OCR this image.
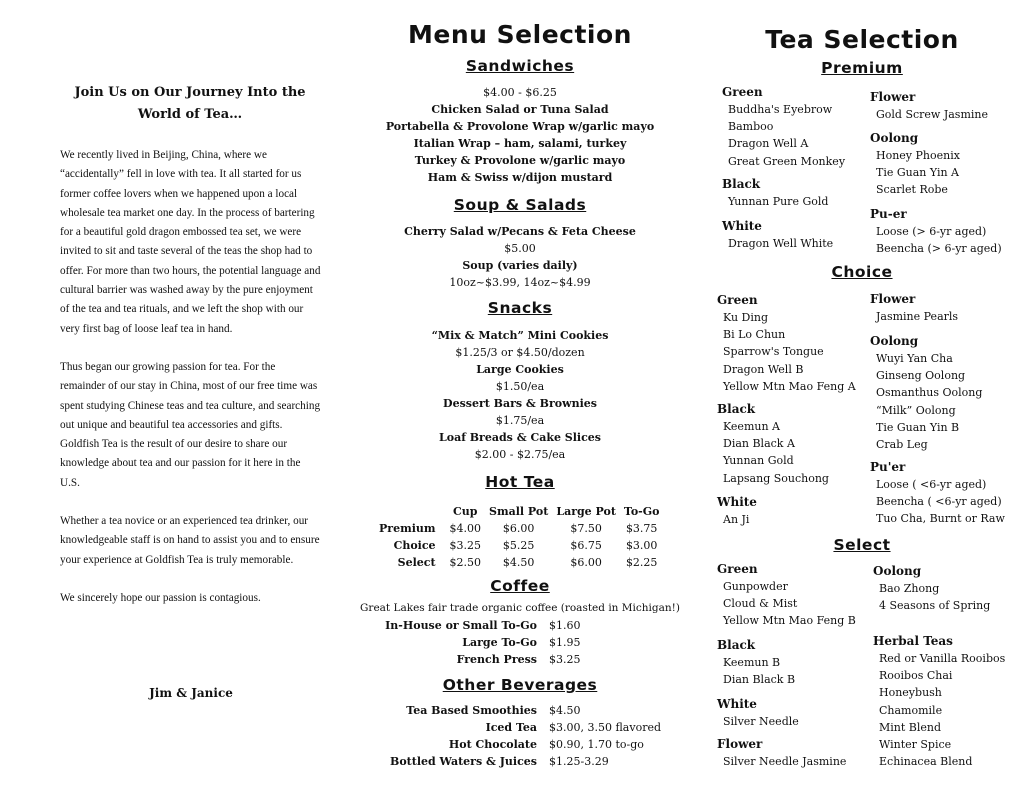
Join Us on Our Journey Into the
World of Tea…

We recently lived in Beijing, China, where we “accidentally” fell in love with tea. It all started for us former coffee lovers when we happened upon a local wholesale tea market one day. In the process of bartering for a beautiful gold dragon embossed tea set, we were invited to sit and taste several of the teas the shop had to offer. For more than two hours, the potential language and cultural barrier was washed away by the pure enjoyment of the tea and tea rituals, and we left the shop with our very first bag of loose leaf tea in hand.

Thus began our growing passion for tea. For the remainder of our stay in China, most of our free time was spent studying Chinese teas and tea culture, and searching out unique and beautiful tea accessories and gifts. Goldfish Tea is the result of our desire to share our knowledge about tea and our passion for it here in the U.S.

Whether a tea novice or an experienced tea drinker, our knowledgeable staff is on hand to assist you and to ensure your experience at Goldfish Tea is truly memorable.

We sincerely hope our passion is contagious.

Jim & Janice
Menu Selection
Sandwiches
$4.00 - $6.25
Chicken Salad or Tuna Salad
Portabella & Provolone Wrap w/garlic mayo
Italian Wrap – ham, salami, turkey
Turkey & Provolone w/garlic mayo
Ham & Swiss w/dijon mustard
Soup & Salads
Cherry Salad w/Pecans & Feta Cheese
$5.00
Soup (varies daily)
10oz~$3.99, 14oz~$4.99
Snacks
“Mix & Match” Mini Cookies
$1.25/3 or $4.50/dozen
Large Cookies
$1.50/ea
Dessert Bars & Brownies
$1.75/ea
Loaf Breads & Cake Slices
$2.00 - $2.75/ea
Hot Tea
	Cup	Small Pot	Large Pot	To-Go
Premium	$4.00	$6.00	$7.50	$3.75
Choice	$3.25	$5.25	$6.75	$3.00
Select	$2.50	$4.50	$6.00	$2.25
Coffee
Great Lakes fair trade organic coffee (roasted in Michigan!)
In-House or Small To-Go $1.60
Large To-Go $1.95
French Press $3.25
Other Beverages
Tea Based Smoothies $4.50
Iced Tea $3.00, 3.50 flavored
Hot Chocolate $0.90, 1.70 to-go
Bottled Waters & Juices $1.25-3.29
Tea Selection
Premium
Green
Buddha's Eyebrow
Bamboo
Dragon Well A
Great Green Monkey
Black
Yunnan Pure Gold
White
Dragon Well White
Flower
Gold Screw Jasmine
Oolong
Honey Phoenix
Tie Guan Yin A
Scarlet Robe
Pu-er
Loose (> 6-yr aged)
Beencha (> 6-yr aged)
Choice
Green
Ku Ding
Bi Lo Chun
Sparrow's Tongue
Dragon Well B
Yellow Mtn Mao Feng A
Black
Keemun A
Dian Black A
Yunnan Gold
Lapsang Souchong
White
An Ji
Flower
Jasmine Pearls
Oolong
Wuyi Yan Cha
Ginseng Oolong
Osmanthus Oolong
“Milk” Oolong
Tie Guan Yin B
Crab Leg
Pu'er
Loose ( <6-yr aged)
Beencha ( <6-yr aged)
Tuo Cha, Burnt or Raw
Select
Green
Gunpowder
Cloud & Mist
Yellow Mtn Mao Feng B
Black
Keemun B
Dian Black B
White
Silver Needle
Flower
Silver Needle Jasmine
Oolong
Bao Zhong
4 Seasons of Spring
Herbal Teas
Red or Vanilla Rooibos
Rooibos Chai
Honeybush
Chamomile
Mint Blend
Winter Spice
Echinacea Blend
